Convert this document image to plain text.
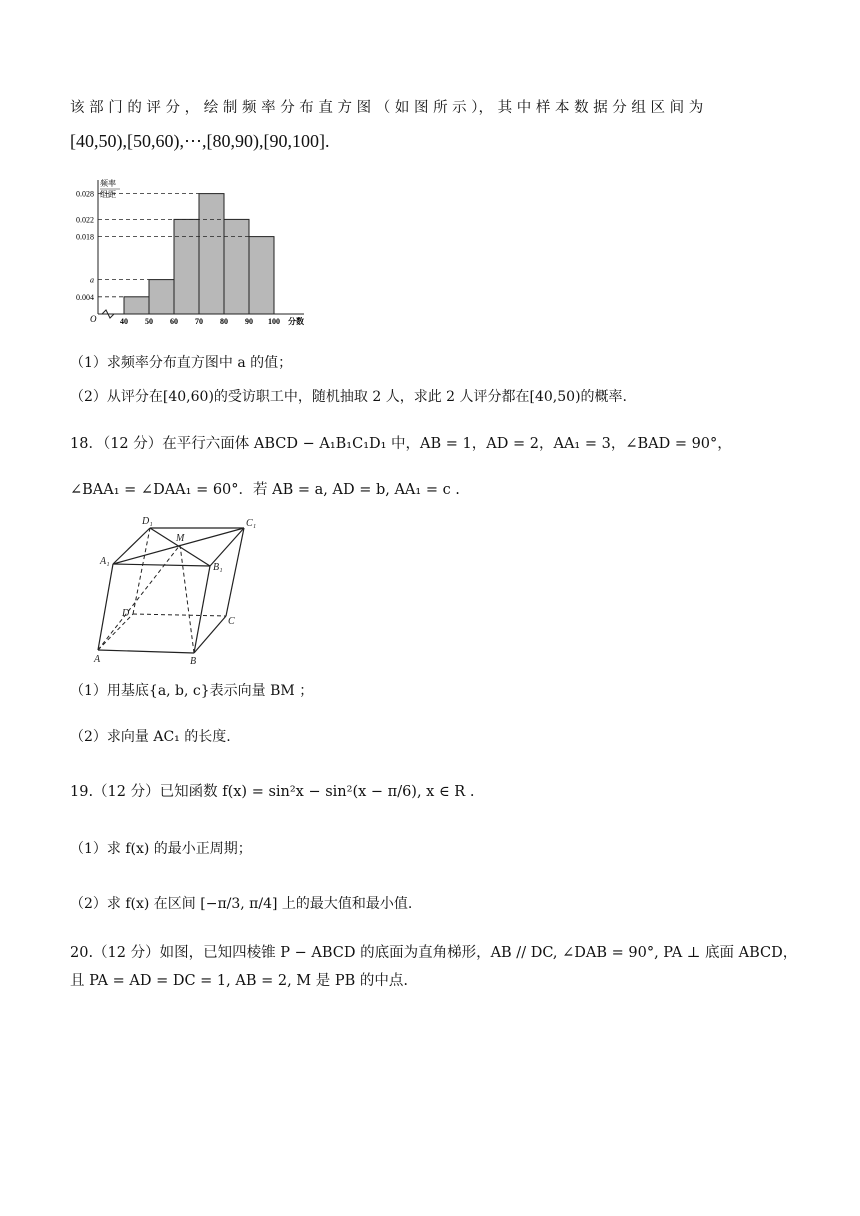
该 部 门 的 评 分 ， 绘 制 频 率 分 布 直 方 图 （ 如 图 所 示 ）， 其 中 样 本 数 据 分 组 区 间 为
[40,50),[50,60),⋯,[80,90),[90,100].
频率
组距
O
0.028
0.022
0.018
a
0.004
40 50 60 70 80 90 100 分数
（1）求频率分布直方图中 a 的值；
（2）从评分在[40,60)的受访职工中，随机抽取 2 人，求此 2 人评分都在[40,50)的概率.
18．（12 分）在平行六面体 ABCD − A₁B₁C₁D₁ 中，AB = 1，AD = 2，AA₁ = 3，∠BAD = 90°，
∠BAA₁ = ∠DAA₁ = 60°．若 AB = a, AD = b, AA₁ = c .
D₁
M
C₁
A₁
B₁
D
C
A	B
（1）用基底{a, b, c}表示向量 BM ；
（2）求向量 AC₁ 的长度.
19.（12 分）已知函数 f(x) = sin²x − sin²(x − π/6), x ∈ R .
（1）求 f(x) 的最小正周期；
（2）求 f(x) 在区间 [−π/3, π/4] 上的最大值和最小值.
20.（12 分）如图，已知四棱锥 P − ABCD 的底面为直角梯形，AB // DC, ∠DAB = 90°, PA ⊥ 底面 ABCD，
且 PA = AD = DC = 1, AB = 2, M 是 PB 的中点.
